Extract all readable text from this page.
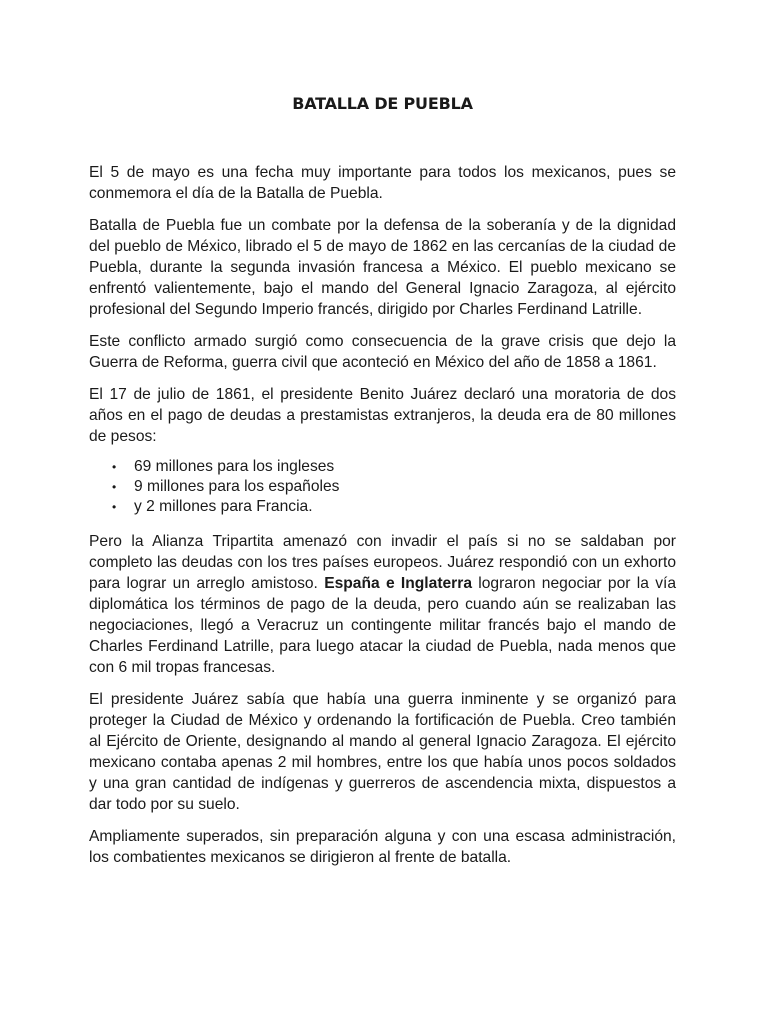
BATALLA DE PUEBLA

El 5 de mayo es una fecha muy importante para todos los mexicanos, pues se conmemora el día de la Batalla de Puebla.

Batalla de Puebla fue un combate por la defensa de la soberanía y de la dignidad del pueblo de México, librado el 5 de mayo de 1862 en las cercanías de la ciudad de Puebla, durante la segunda invasión francesa a México. El pueblo mexicano se enfrentó valientemente, bajo el mando del General Ignacio Zaragoza, al ejército profesional del Segundo Imperio francés, dirigido por Charles Ferdinand Latrille.

Este conflicto armado surgió como consecuencia de la grave crisis que dejo la Guerra de Reforma, guerra civil que aconteció en México del año de 1858 a 1861.

El 17 de julio de 1861, el presidente Benito Juárez declaró una moratoria de dos años en el pago de deudas a prestamistas extranjeros, la deuda era de 80 millones de pesos:

• 69 millones para los ingleses
• 9 millones para los españoles
• y 2 millones para Francia.

Pero la Alianza Tripartita amenazó con invadir el país si no se saldaban por completo las deudas con los tres países europeos. Juárez respondió con un exhorto para lograr un arreglo amistoso. España e Inglaterra lograron negociar por la vía diplomática los términos de pago de la deuda, pero cuando aún se realizaban las negociaciones, llegó a Veracruz un contingente militar francés bajo el mando de Charles Ferdinand Latrille, para luego atacar la ciudad de Puebla, nada menos que con 6 mil tropas francesas.

El presidente Juárez sabía que había una guerra inminente y se organizó para proteger la Ciudad de México y ordenando la fortificación de Puebla. Creo también al Ejército de Oriente, designando al mando al general Ignacio Zaragoza. El ejército mexicano contaba apenas 2 mil hombres, entre los que había unos pocos soldados y una gran cantidad de indígenas y guerreros de ascendencia mixta, dispuestos a dar todo por su suelo.

Ampliamente superados, sin preparación alguna y con una escasa administración, los combatientes mexicanos se dirigieron al frente de batalla.
